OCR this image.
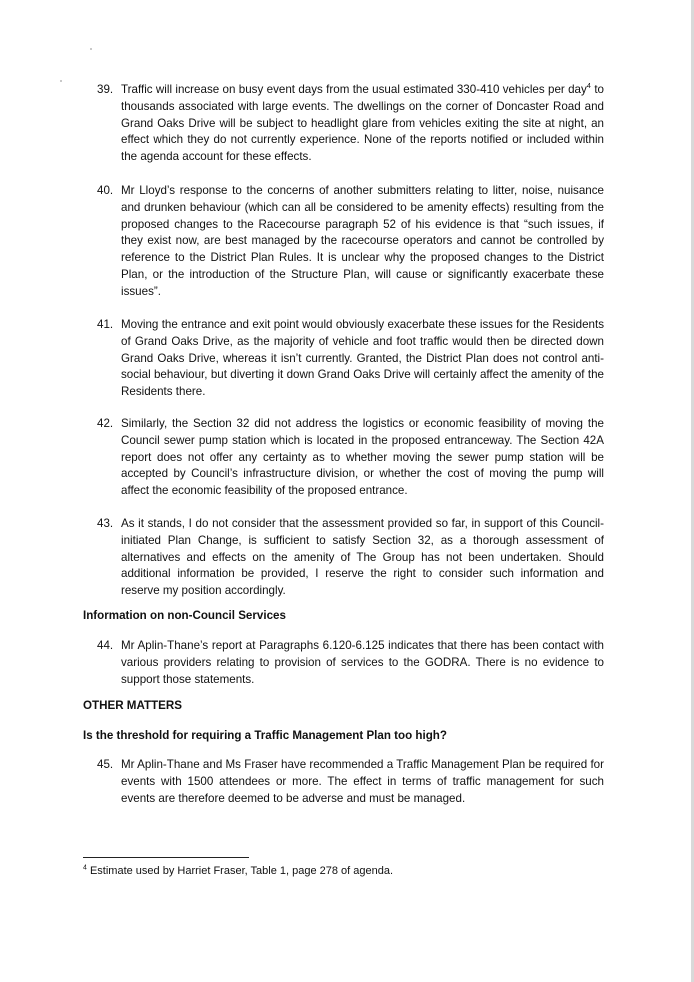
39. Traffic will increase on busy event days from the usual estimated 330-410 vehicles per day$^4$ to thousands associated with large events. The dwellings on the corner of Doncaster Road and Grand Oaks Drive will be subject to headlight glare from vehicles exiting the site at night, an effect which they do not currently experience. None of the reports notified or included within the agenda account for these effects.
40. Mr Lloyd’s response to the concerns of another submitters relating to litter, noise, nuisance and drunken behaviour (which can all be considered to be amenity effects) resulting from the proposed changes to the Racecourse paragraph 52 of his evidence is that “such issues, if they exist now, are best managed by the racecourse operators and cannot be controlled by reference to the District Plan Rules. It is unclear why the proposed changes to the District Plan, or the introduction of the Structure Plan, will cause or significantly exacerbate these issues”.
41. Moving the entrance and exit point would obviously exacerbate these issues for the Residents of Grand Oaks Drive, as the majority of vehicle and foot traffic would then be directed down Grand Oaks Drive, whereas it isn’t currently. Granted, the District Plan does not control anti-social behaviour, but diverting it down Grand Oaks Drive will certainly affect the amenity of the Residents there.
42. Similarly, the Section 32 did not address the logistics or economic feasibility of moving the Council sewer pump station which is located in the proposed entranceway. The Section 42A report does not offer any certainty as to whether moving the sewer pump station will be accepted by Council’s infrastructure division, or whether the cost of moving the pump will affect the economic feasibility of the proposed entrance.
43. As it stands, I do not consider that the assessment provided so far, in support of this Council-initiated Plan Change, is sufficient to satisfy Section 32, as a thorough assessment of alternatives and effects on the amenity of The Group has not been undertaken. Should additional information be provided, I reserve the right to consider such information and reserve my position accordingly.
Information on non-Council Services
44. Mr Aplin-Thane’s report at Paragraphs 6.120-6.125 indicates that there has been contact with various providers relating to provision of services to the GODRA. There is no evidence to support those statements.
OTHER MATTERS
Is the threshold for requiring a Traffic Management Plan too high?
45. Mr Aplin-Thane and Ms Fraser have recommended a Traffic Management Plan be required for events with 1500 attendees or more. The effect in terms of traffic management for such events are therefore deemed to be adverse and must be managed.
$^4$ Estimate used by Harriet Fraser, Table 1, page 278 of agenda.
